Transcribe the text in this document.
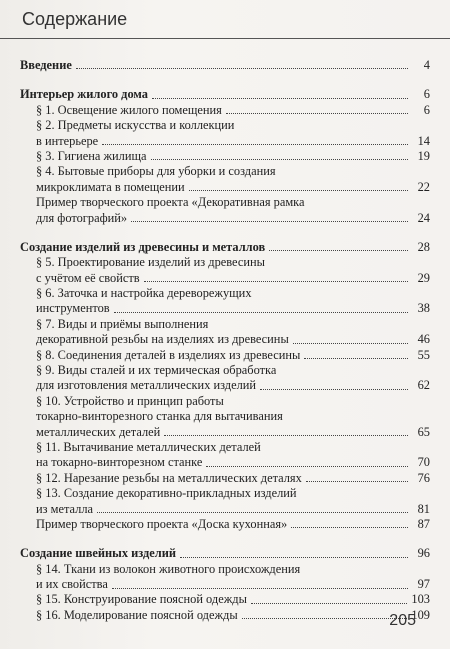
Содержание
Введение	4
Интерьер жилого дома	6
§ 1. Освещение жилого помещения	6
§ 2. Предметы искусства и коллекции
в интерьере	14
§ 3. Гигиена жилища	19
§ 4. Бытовые приборы для уборки и создания
микроклимата в помещении	22
Пример творческого проекта «Декоративная рамка
для фотографий»	24
Создание изделий из древесины и металлов	28
§ 5. Проектирование изделий из древесины
с учётом её свойств	29
§ 6. Заточка и настройка дереворежущих
инструментов	38
§ 7. Виды и приёмы выполнения
декоративной резьбы на изделиях из древесины	46
§ 8. Соединения деталей в изделиях из древесины	55
§ 9. Виды сталей и их термическая обработка
для изготовления металлических изделий	62
§ 10. Устройство и принцип работы
токарно-винторезного станка для вытачивания
металлических деталей	65
§ 11. Вытачивание металлических деталей
на токарно-винторезном станке	70
§ 12. Нарезание резьбы на металлических деталях	76
§ 13. Создание декоративно-прикладных изделий
из металла	81
Пример творческого проекта «Доска кухонная»	87
Создание швейных изделий	96
§ 14. Ткани из волокон животного происхождения
и их свойства	97
§ 15. Конструирование поясной одежды	103
§ 16. Моделирование поясной одежды	109
205
